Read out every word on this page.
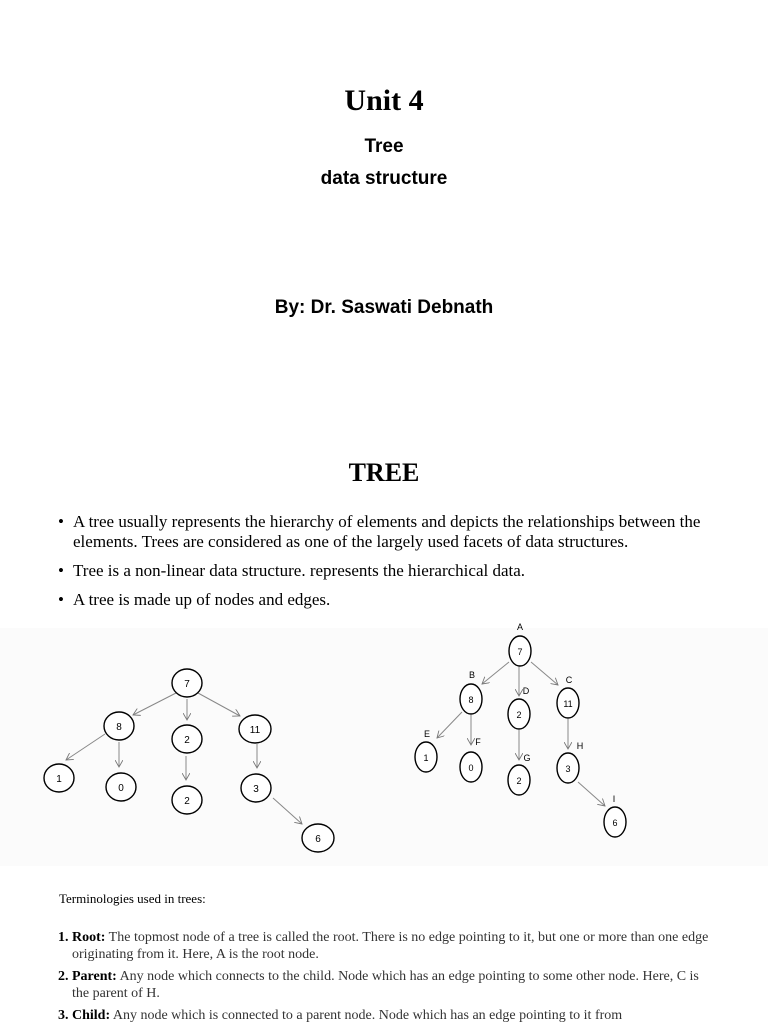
Unit 4
Tree
data structure
By: Dr. Saswati Debnath
TREE
• A tree usually represents the hierarchy of elements and depicts the relationships between the elements. Trees are considered as one of the largely used facets of data structures.
• Tree is a non-linear data structure. represents the hierarchical data.
• A tree is made up of nodes and edges.
7
8
2
11
1
0
2
3
6
7
8
2
11
1
0
2
3
6
A
B
D
C
E
F
G
H
I
Terminologies used in trees:
1. Root: The topmost node of a tree is called the root. There is no edge pointing to it, but one or more than one edge originating from it. Here, A is the root node.
2. Parent: Any node which connects to the child. Node which has an edge pointing to some other node. Here, C is the parent of H.
3. Child: Any node which is connected to a parent node. Node which has an edge pointing to it from
